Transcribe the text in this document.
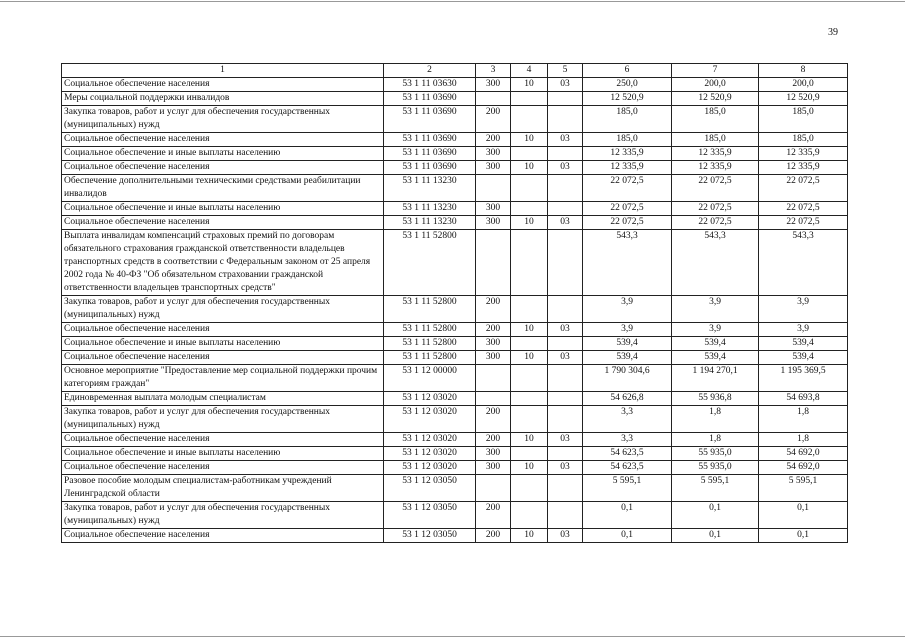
39
1	2	3	4	5	6	7	8
Социальное обеспечение населения	53 1 11 03630	300	10	03	250,0	200,0	200,0
Меры социальной поддержки инвалидов	53 1 11 03690				12 520,9	12 520,9	12 520,9
Закупка товаров, работ и услуг для обеспечения государственных (муниципальных) нужд	53 1 11 03690	200			185,0	185,0	185,0
Социальное обеспечение населения	53 1 11 03690	200	10	03	185,0	185,0	185,0
Социальное обеспечение и иные выплаты населению	53 1 11 03690	300			12 335,9	12 335,9	12 335,9
Социальное обеспечение населения	53 1 11 03690	300	10	03	12 335,9	12 335,9	12 335,9
Обеспечение дополнительными техническими средствами реабилитации инвалидов	53 1 11 13230				22 072,5	22 072,5	22 072,5
Социальное обеспечение и иные выплаты населению	53 1 11 13230	300			22 072,5	22 072,5	22 072,5
Социальное обеспечение населения	53 1 11 13230	300	10	03	22 072,5	22 072,5	22 072,5
Выплата инвалидам компенсаций страховых премий по договорам обязательного страхования гражданской ответственности владельцев транспортных средств в соответствии с Федеральным законом от 25 апреля 2002 года № 40-ФЗ "Об обязательном страховании гражданской ответственности владельцев транспортных средств"	53 1 11 52800				543,3	543,3	543,3
Закупка товаров, работ и услуг для обеспечения государственных (муниципальных) нужд	53 1 11 52800	200			3,9	3,9	3,9
Социальное обеспечение населения	53 1 11 52800	200	10	03	3,9	3,9	3,9
Социальное обеспечение и иные выплаты населению	53 1 11 52800	300			539,4	539,4	539,4
Социальное обеспечение населения	53 1 11 52800	300	10	03	539,4	539,4	539,4
Основное мероприятие "Предоставление мер социальной поддержки прочим категориям граждан"	53 1 12 00000				1 790 304,6	1 194 270,1	1 195 369,5
Единовременная выплата молодым специалистам	53 1 12 03020				54 626,8	55 936,8	54 693,8
Закупка товаров, работ и услуг для обеспечения государственных (муниципальных) нужд	53 1 12 03020	200			3,3	1,8	1,8
Социальное обеспечение населения	53 1 12 03020	200	10	03	3,3	1,8	1,8
Социальное обеспечение и иные выплаты населению	53 1 12 03020	300			54 623,5	55 935,0	54 692,0
Социальное обеспечение населения	53 1 12 03020	300	10	03	54 623,5	55 935,0	54 692,0
Разовое пособие молодым специалистам-работникам учреждений Ленинградской области	53 1 12 03050				5 595,1	5 595,1	5 595,1
Закупка товаров, работ и услуг для обеспечения государственных (муниципальных) нужд	53 1 12 03050	200			0,1	0,1	0,1
Социальное обеспечение населения	53 1 12 03050	200	10	03	0,1	0,1	0,1
